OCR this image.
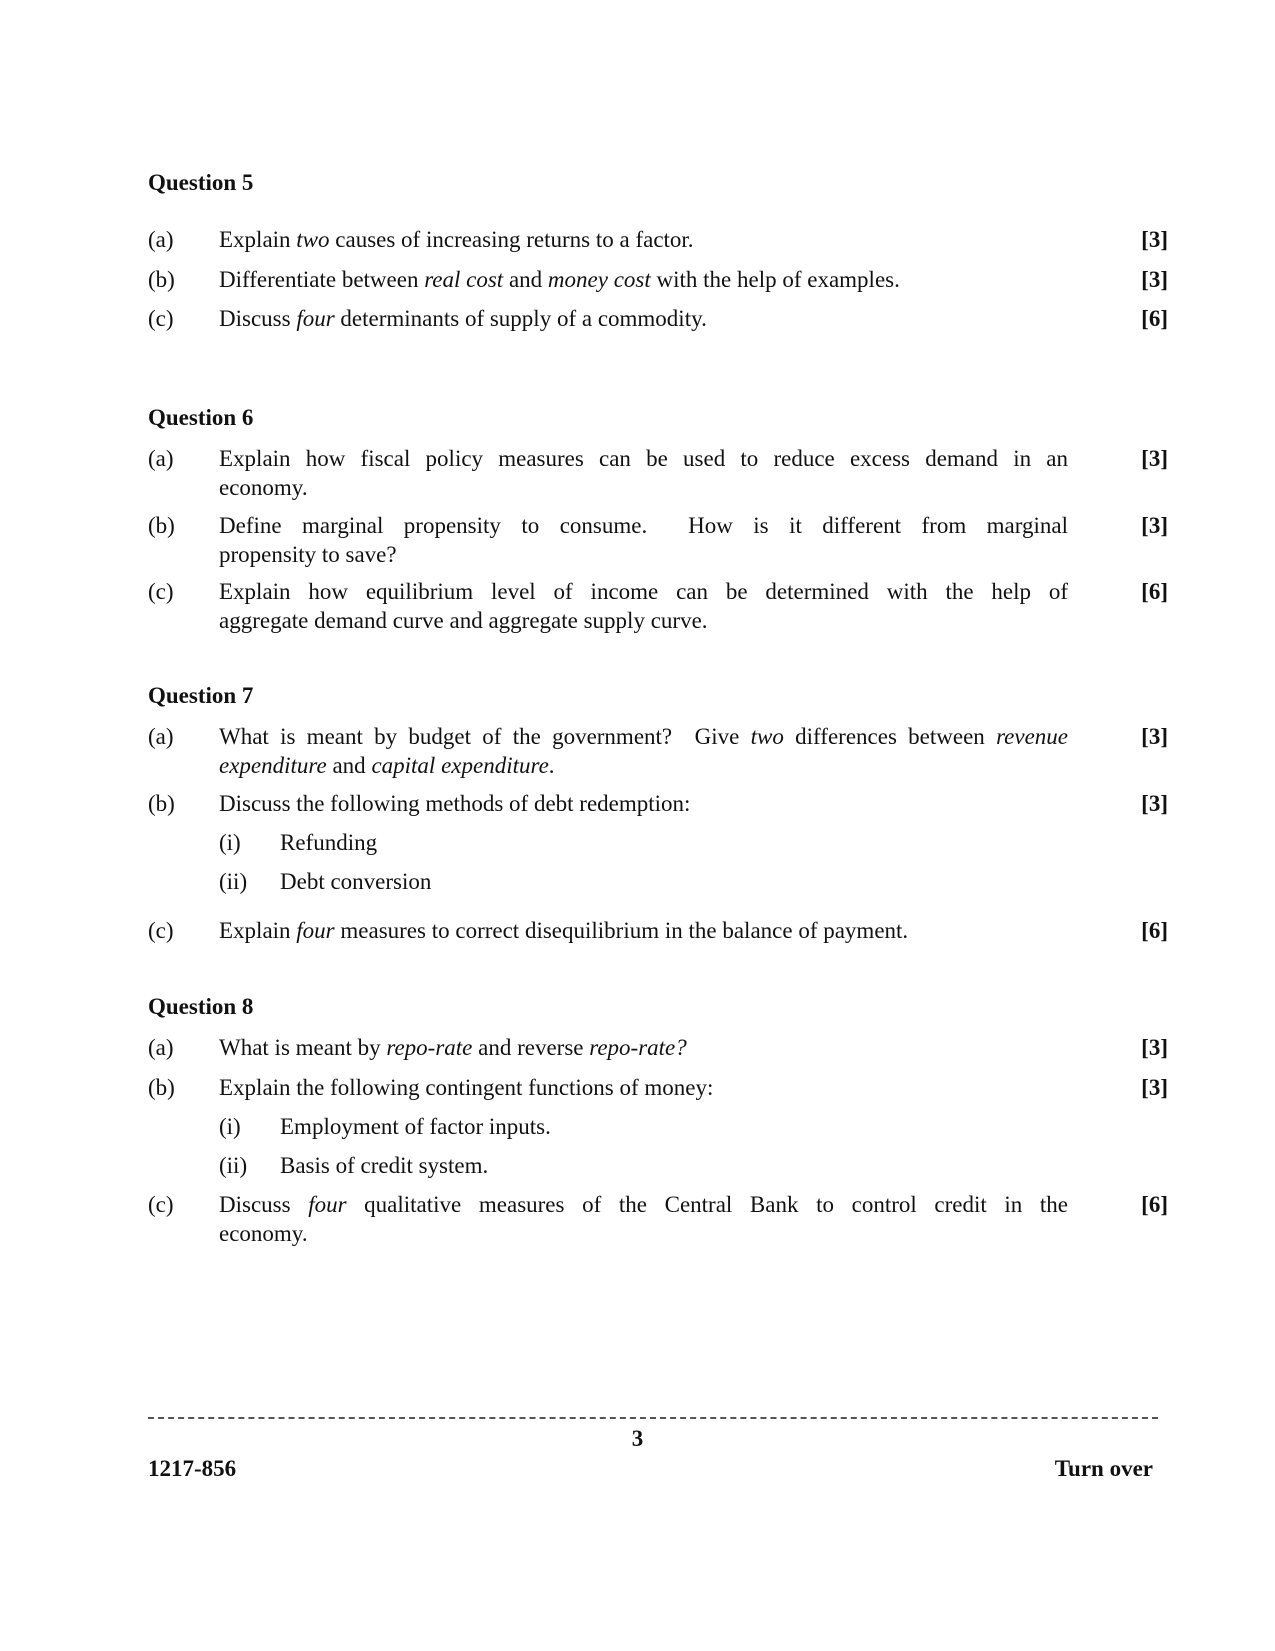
Question 5
(a) Explain two causes of increasing returns to a factor.	[3]
(b) Differentiate between real cost and money cost with the help of examples.	[3]
(c) Discuss four determinants of supply of a commodity.	[6]
Question 6
(a) Explain how fiscal policy measures can be used to reduce excess demand in an
economy.
[3]
(b) Define marginal propensity to consume.  How is it different from marginal
propensity to save?
[3]
(c) Explain how equilibrium level of income can be determined with the help of
aggregate demand curve and aggregate supply curve.
[6]
Question 7
(a) What is meant by budget of the government?  Give two differences between revenue
expenditure and capital expenditure.
[3]
(b) Discuss the following methods of debt redemption:	[3]
(i) Refunding
(ii) Debt conversion
(c) Explain four measures to correct disequilibrium in the balance of payment.	[6]
Question 8
(a) What is meant by repo-rate and reverse repo-rate?	[3]
(b) Explain the following contingent functions of money:	[3]
(i) Employment of factor inputs.
(ii) Basis of credit system.
(c) Discuss four qualitative measures of the Central Bank to control credit in the
economy.
[6]
3
1217-856	Turn over
